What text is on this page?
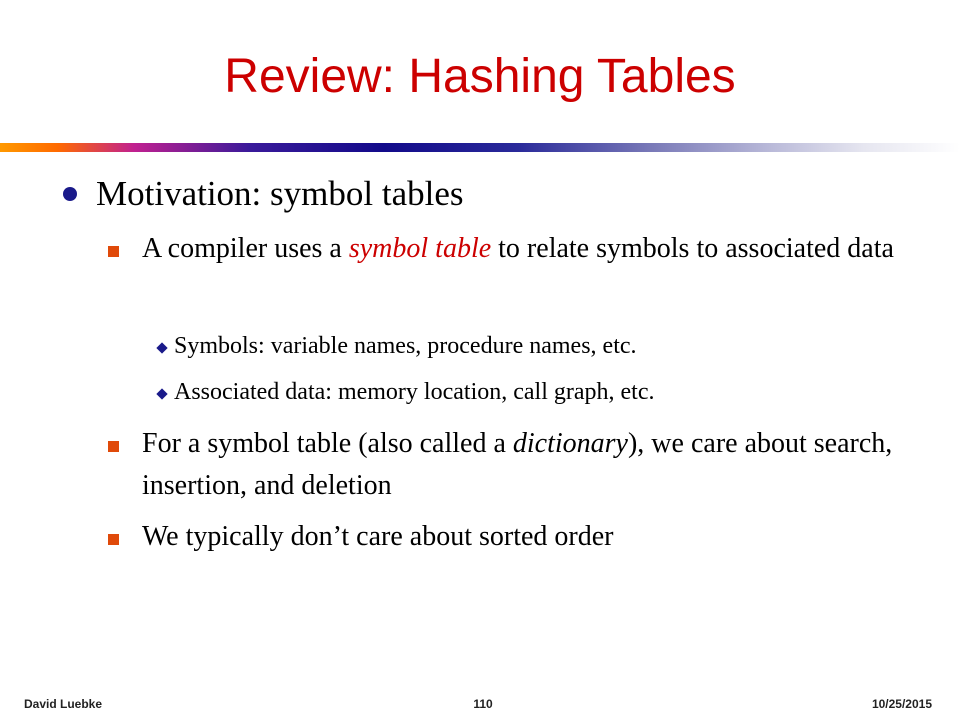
Review: Hashing Tables
Motivation: symbol tables
A compiler uses a symbol table to relate symbols to associated data
Symbols: variable names, procedure names, etc.
Associated data: memory location, call graph, etc.
For a symbol table (also called a dictionary), we care about search, insertion, and deletion
We typically don’t care about sorted order
David Luebke	110	10/25/2015
